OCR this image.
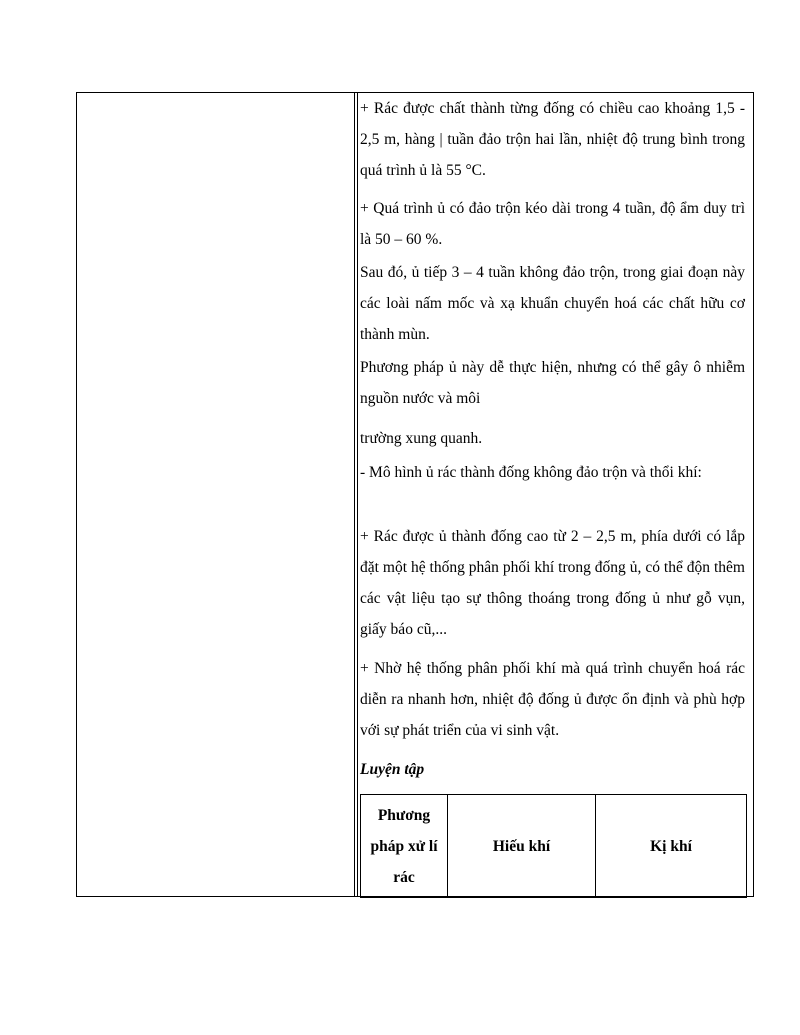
+ Rác được chất thành từng đống có chiều cao khoảng 1,5 - 2,5 m, hàng | tuần đảo trộn hai lần, nhiệt độ trung bình trong quá trình ủ là 55 °C.

+ Quá trình ủ có đảo trộn kéo dài trong 4 tuần, độ ẩm duy trì là 50 – 60 %.

Sau đó, ủ tiếp 3 – 4 tuần không đảo trộn, trong giai đoạn này các loài nấm mốc và xạ khuẩn chuyển hoá các chất hữu cơ thành mùn.

Phương pháp ủ này dễ thực hiện, nhưng có thể gây ô nhiễm nguồn nước và môi

trường xung quanh.

- Mô hình ủ rác thành đống không đảo trộn và thổi khí:

+ Rác được ủ thành đống cao từ 2 – 2,5 m, phía dưới có lắp đặt một hệ thống phân phối khí trong đống ủ, có thể độn thêm các vật liệu tạo sự thông thoáng trong đống ủ như gỗ vụn, giấy báo cũ,...

+ Nhờ hệ thống phân phối khí mà quá trình chuyển hoá rác diễn ra nhanh hơn, nhiệt độ đống ủ được ổn định và phù hợp với sự phát triển của vi sinh vật.

Luyện tập

Phương pháp xử lí rác	Hiếu khí	Kị khí
